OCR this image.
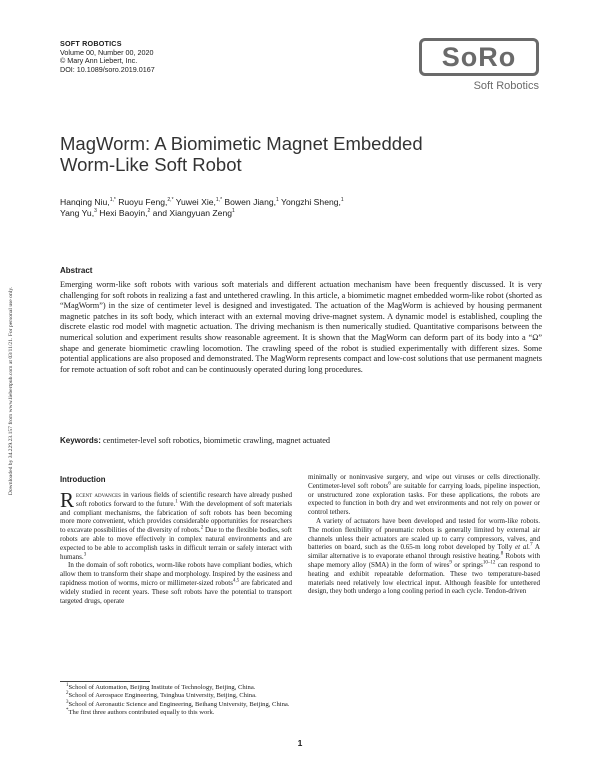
SOFT ROBOTICS
Volume 00, Number 00, 2020
© Mary Ann Liebert, Inc.
DOI: 10.1089/soro.2019.0167	SoRo
Soft Robotics
MagWorm: A Biomimetic Magnet Embedded
Worm-Like Soft Robot
Hanqing Niu,$^{1,*}$ Ruoyu Feng,$^{2,*}$ Yuwei Xie,$^{1,*}$ Bowen Jiang,$^1$ Yongzhi Sheng,$^1$
Yang Yu,$^3$ Hexi Baoyin,$^2$ and Xiangyuan Zeng$^1$
Downloaded by 34.229.23.157 from www.liebertpub.com at 03/11/21. For personal use only.
Abstract
Emerging worm-like soft robots with various soft materials and different actuation mechanism have been frequently discussed. It is very challenging for soft robots in realizing a fast and untethered crawling. In this article, a biomimetic magnet embedded worm-like robot (shorted as “MagWorm”) in the size of centimeter level is designed and investigated. The actuation of the MagWorm is achieved by housing permanent magnetic patches in its soft body, which interact with an external moving drive-magnet system. A dynamic model is established, coupling the discrete elastic rod model with magnetic actuation. The driving mechanism is then numerically studied. Quantitative comparisons between the numerical solution and experiment results show reasonable agreement. It is shown that the MagWorm can deform part of its body into a “Ω” shape and generate biomimetic crawling locomotion. The crawling speed of the robot is studied experimentally with different sizes. Some potential applications are also proposed and demonstrated. The MagWorm represents compact and low-cost solutions that use permanent magnets for remote actuation of soft robot and can be continuously operated during long procedures.
Keywords: centimeter-level soft robotics, biomimetic crawling, magnet actuated
Introduction

Recent advances in various fields of scientific research have already pushed soft robotics forward to the future.$^1$ With the development of soft materials and compliant mechanisms, the fabrication of soft robots has been becoming more more convenient, which provides considerable opportunities for researchers to excavate possibilities of the diversity of robots.$^2$ Due to the flexible bodies, soft robots are able to move effectively in complex natural environments and are expected to be able to accomplish tasks in difficult terrain or safely interact with humans.$^3$

In the domain of soft robotics, worm-like robots have compliant bodies, which allow them to transform their shape and morphology. Inspired by the easiness and rapidness motion of worms, micro or millimeter-sized robots$^{4,5}$ are fabricated and widely studied in recent years. These soft robots have the potential to transport targeted drugs, operate

minimally or noninvasive surgery, and wipe out viruses or cells directionally. Centimeter-level soft robots$^6$ are suitable for carrying loads, pipeline inspection, or unstructured zone exploration tasks. For these applications, the robots are expected to function in both dry and wet environments and not rely on power or control tethers.

A variety of actuators have been developed and tested for worm-like robots. The motion flexibility of pneumatic robots is generally limited by external air channels unless their actuators are scaled up to carry compressors, valves, and batteries on board, such as the 0.65-m long robot developed by Tolly et al.$^7$ A similar alternative is to evaporate ethanol through resistive heating.$^8$ Robots with shape memory alloy (SMA) in the form of wires$^9$ or springs$^{10-12}$ can respond to heating and exhibit repeatable deformation. These two temperature-based materials need relatively low electrical input. Although feasible for untethered design, they both undergo a long cooling period in each cycle. Tendon-driven

$^1$School of Automation, Beijing Institute of Technology, Beijing, China.
$^2$School of Aerospace Engineering, Tsinghua University, Beijing, China.
$^3$School of Aeronautic Science and Engineering, Beihang University, Beijing, China.
*The first three authors contributed equally to this work.
1
